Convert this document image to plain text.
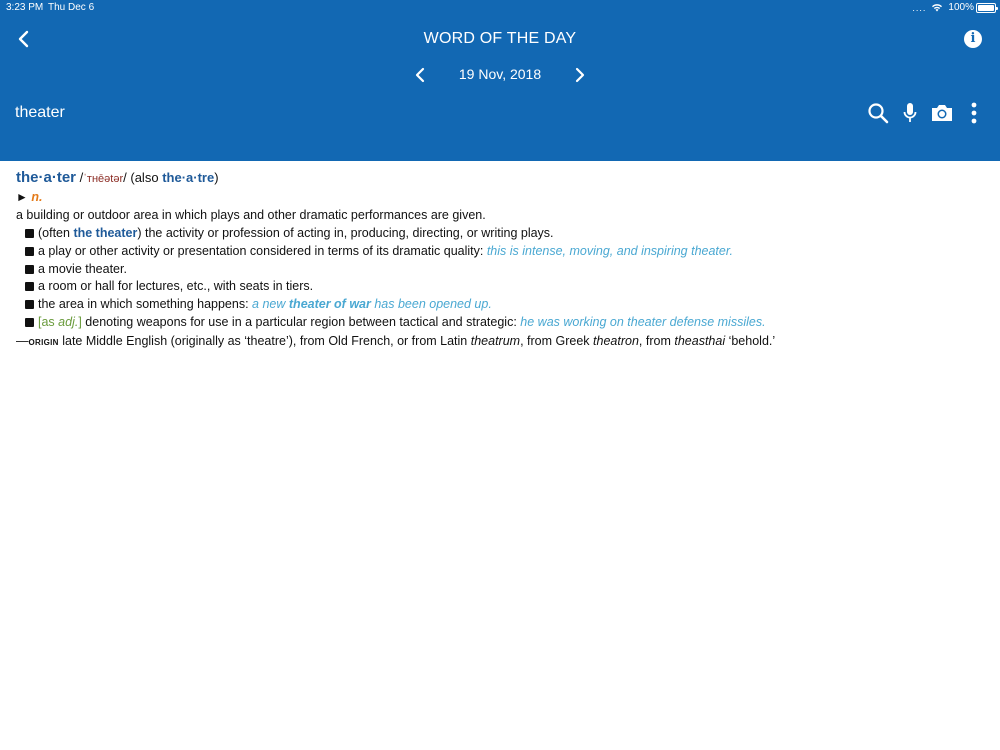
3:23 PM Thu Dec 6	.... 100%
WORD OF THE DAY	i
19 Nov, 2018
theater
the·a·ter /ˈᴛʜēətər/ (also the·a·tre)
► n.
a building or outdoor area in which plays and other dramatic performances are given.
(often the theater) the activity or profession of acting in, producing, directing, or writing plays.
a play or other activity or presentation considered in terms of its dramatic quality: this is intense, moving, and inspiring theater.
a movie theater.
a room or hall for lectures, etc., with seats in tiers.
the area in which something happens: a new theater of war has been opened up.
[as adj.] denoting weapons for use in a particular region between tactical and strategic: he was working on theater defense missiles.
—origin late Middle English (originally as ‘theatre’), from Old French, or from Latin theatrum, from Greek theatron, from theasthai ‘behold.’
